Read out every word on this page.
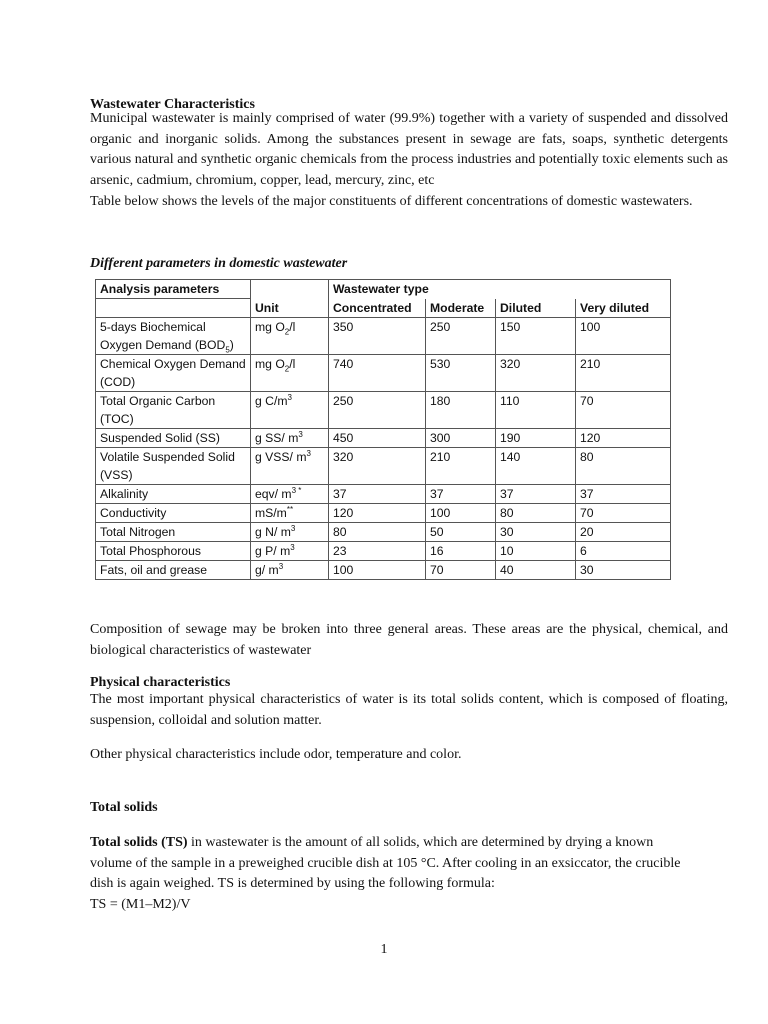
Wastewater Characteristics
Municipal wastewater is mainly comprised of water (99.9%) together with a variety of suspended and dissolved organic and inorganic solids. Among the substances present in sewage are fats, soaps, synthetic detergents various natural and synthetic organic chemicals from the process industries and potentially toxic elements such as arsenic, cadmium, chromium, copper, lead, mercury, zinc, etc
Table below shows the levels of the major constituents of different concentrations of domestic wastewaters.
Different parameters in domestic wastewater
Analysis parameters		Wastewater type			
	Unit	Concentrated	Moderate	Diluted	Very diluted
5-days Biochemical Oxygen Demand $(BOD_5)$	mg $O_2/l$	350	250	150	100
Chemical Oxygen Demand (COD)	mg $O_2/l$	740	530	320	210
Total Organic Carbon (TOC)	g $C/m^3$	250	180	110	70
Suspended Solid (SS)	g SS/ $m^3$	450	300	190	120
Volatile Suspended Solid (VSS)	g VSS/ $m^3$	320	210	140	80
Alkalinity	eqv/ $m^{3 *}$	37	37	37	37
Conductivity	mS/m**	120	100	80	70
Total Nitrogen	g N/ $m^3$	80	50	30	20
Total Phosphorous	g P/ $m^3$	23	16	10	6
Fats, oil and grease	g/ $m^3$	100	70	40	30
Composition of sewage may be broken into three general areas. These areas are the physical, chemical, and biological characteristics of wastewater
Physical characteristics
The most important physical characteristics of water is its total solids content, which is composed of floating, suspension, colloidal and solution matter.
Other physical characteristics include odor, temperature and color.
Total solids
Total solids (TS) in wastewater is the amount of all solids, which are determined by drying a known
volume of the sample in a preweighed crucible dish at 105 °C. After cooling in an exsiccator, the crucible
dish is again weighed. TS is determined by using the following formula:
TS = (M1–M2)/V
1
